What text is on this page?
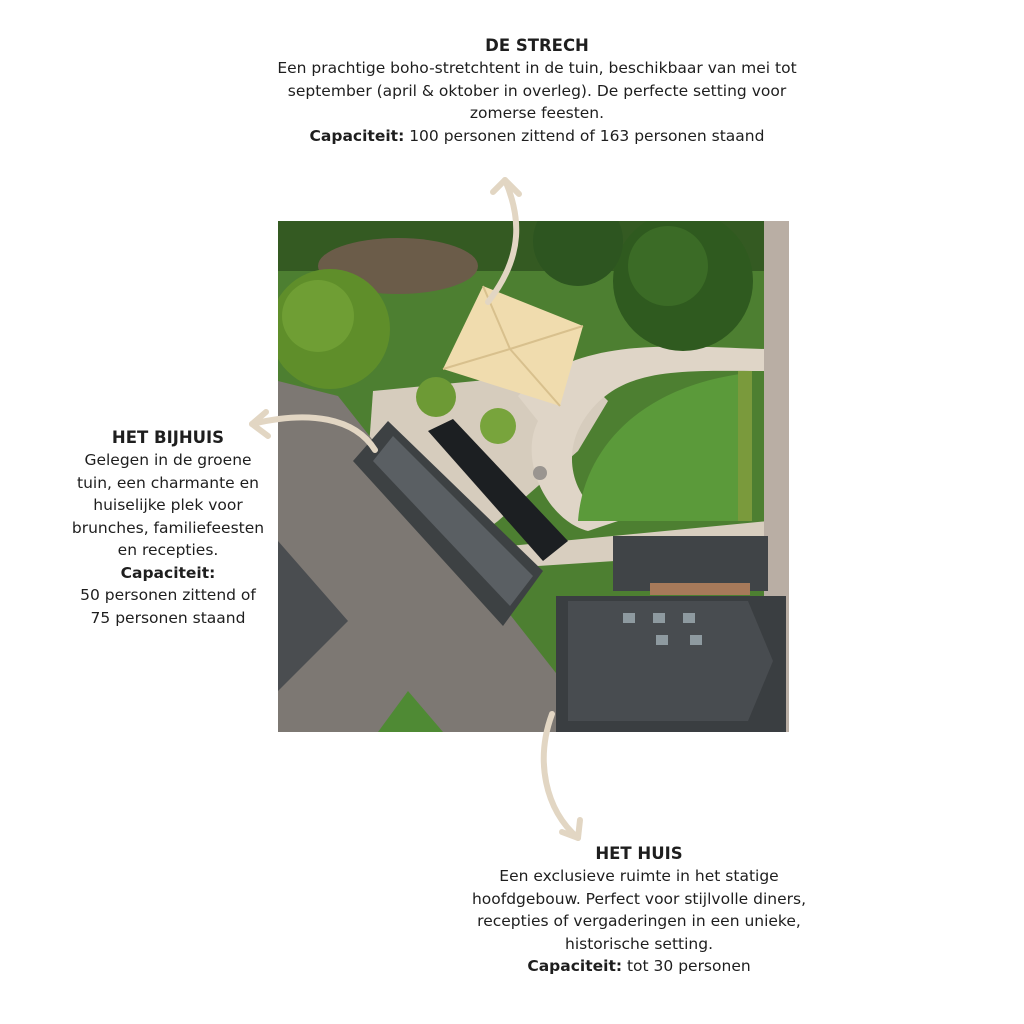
DE STRECH

Een prachtige boho-stretchtent in de tuin, beschikbaar van mei tot september (april & oktober in overleg). De perfecte setting voor zomerse feesten.

Capaciteit: 100 personen zittend of 163 personen staand

HET BIJHUIS

Gelegen in de groene tuin, een charmante en huiselijke plek voor brunches, familiefeesten en recepties.

Capaciteit:

50 personen zittend of 75 personen staand

HET HUIS

Een exclusieve ruimte in het statige hoofdgebouw. Perfect voor stijlvolle diners, recepties of vergaderingen in een unieke, historische setting.

Capaciteit: tot 30 personen
